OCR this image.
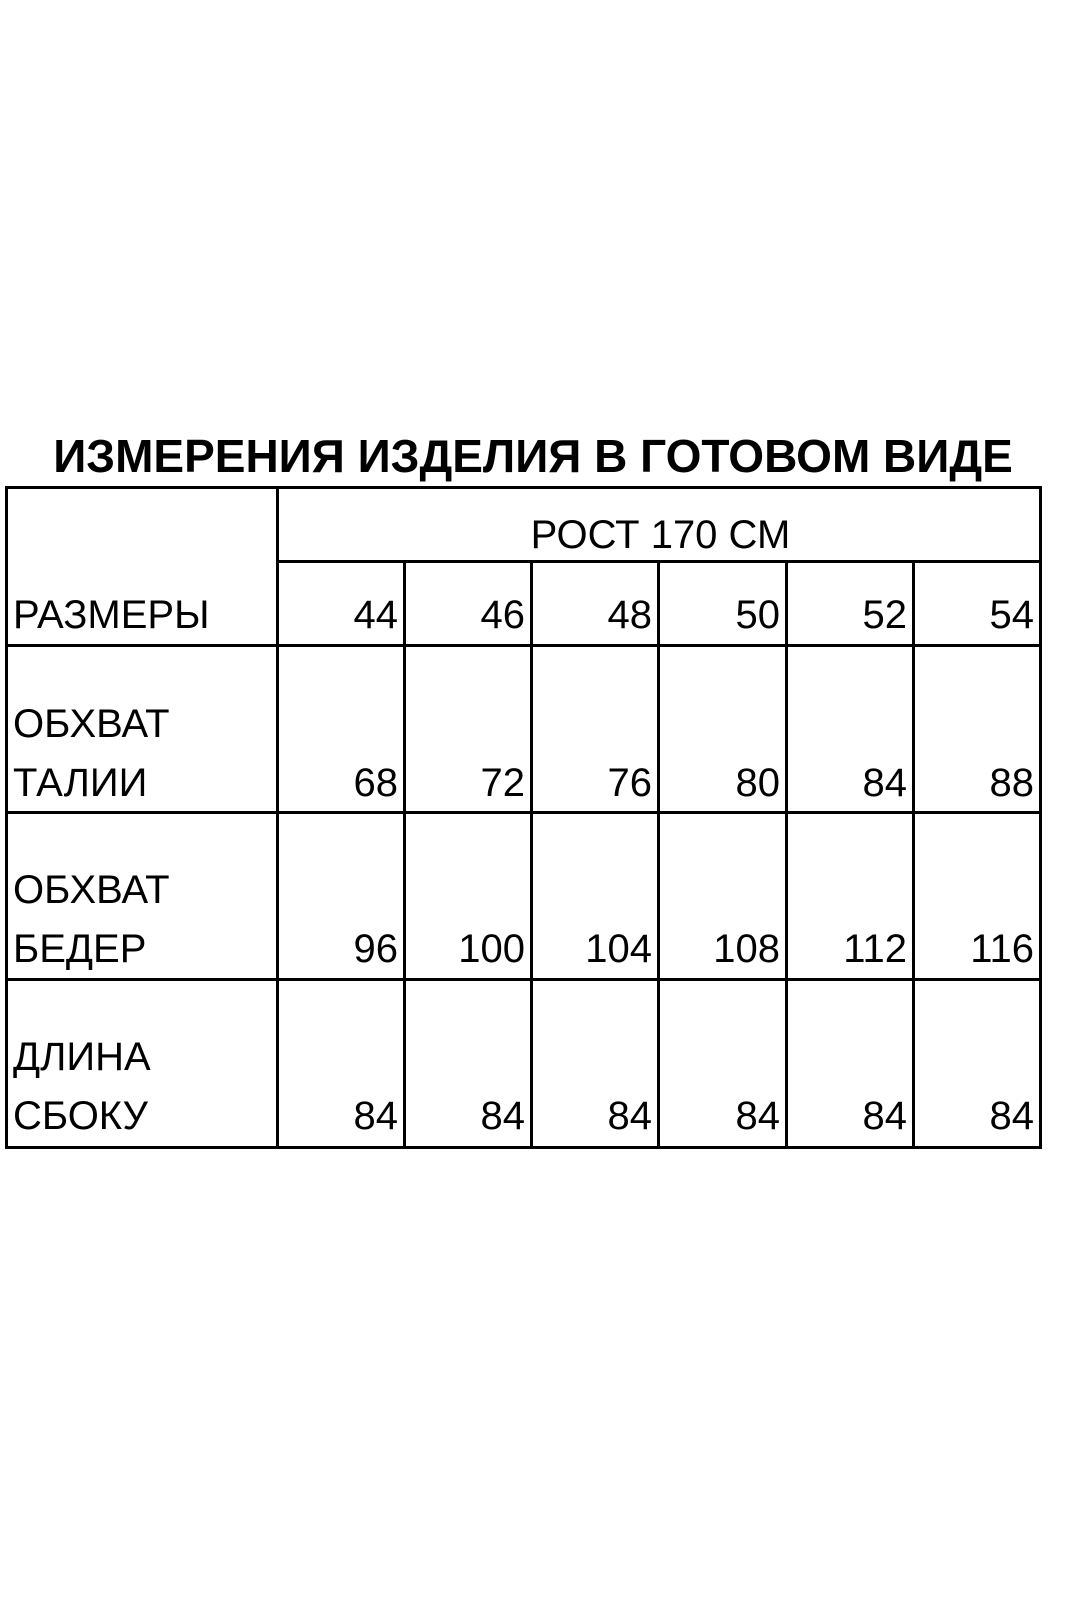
ИЗМЕРЕНИЯ ИЗДЕЛИЯ В ГОТОВОМ ВИДЕ
РОСТ 170 СМ
РАЗМЕРЫ	44	46	48	50	52	54
ОБХВАТ
ТАЛИИ	68	72	76	80	84	88
ОБХВАТ
БЕДЕР	96	100	104	108	112	116
ДЛИНА
СБОКУ	84	84	84	84	84	84
